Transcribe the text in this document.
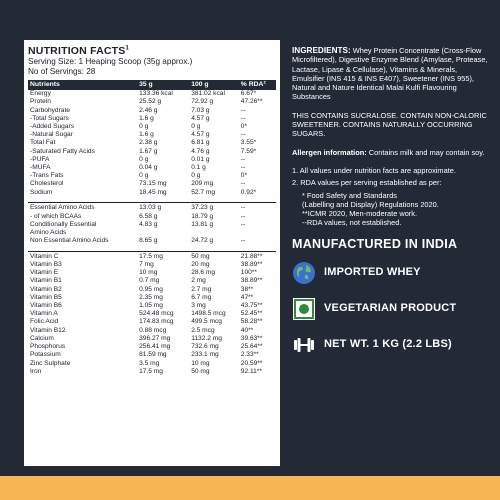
NUTRITION FACTS$^1$
Serving Size: 1 Heaping Scoop (35g approx.)
No of Servings: 28
Nutrients	35 g	100 g	% RDA²
Energy	133.36 kcal	381.02 kcal	6.67*
Protein	25.52 g	72.92 g	47.26**
Carbohydrate	2.46 g	7.03 g	--
-Total Sugars	1.6 g	4.57 g	--
-Added Sugars	0 g	0 g	0*
-Natural Sugar	1.6 g	4.57 g	--
Total Fat	2.38 g	6.81 g	3.55*
-Saturated Fatty Acids	1.67 g	4.76 g	7.59*
-PUFA	0 g	0.01 g	--
-MUFA	0.04 g	0.1 g	--
-Trans Fats	0 g	0 g	0*
Cholesterol	73.15 mg	209 mg	--
Sodium	18.45 mg	52.7 mg	0.92*

Essential Amino Acids	13.03 g	37.23 g	--
- of which BCAAs	6.58 g	18.79 g	--
Conditionally Essential	4.83 g	13.81 g	--
Amino Acids			
Non Essential Amino Acids	8.65 g	24.72 g	--

Vitamin C	17.5 mg	50 mg	21.88**
Vitamin B3	7 mg	20 mg	38.89**
Vitamin E	10 mg	28.6 mg	100**
Vitamin B1	0.7 mg	2 mg	38.89**
Vitamin B2	0.95 mg	2.7 mg	38**
Vitamin B5	2.35 mg	6.7 mg	47**
Vitamin B6	1.05 mg	3 mg	43.75**
Vitamin A	524.48 mcg	1498.5 mcg	52.45**
Folic Acid	174.83 mcg	499.5 mcg	58.28**
Vitamin B12	0.88 mcg	2.5 mcg	40**
Calcium	396.27 mg	1132.2 mg	39.63**
Phosphorus	256.41 mg	732.6 mg	25.64**
Potassium	81.59 mg	233.1 mg	2.33**
Zinc Sulphate	3.5 mg	10 mg	20.59**
Iron	17.5 mg	50 mg	92.11**
INGREDIENTS: Whey Protein Concentrate (Cross-Flow Microfiltered), Digestive Enzyme Blend (Amylase, Protease, Lactase, Lipase & Cellulase), Vitamins & Minerals, Emulsifier (INS 415 & INS E407), Sweetener (INS 955), Natural and Nature Identical Malai Kulfi Flavouring Substances
THIS CONTAINS SUCRALOSE. CONTAIN NON-CALORIC SWEETENER. CONTAINS NATURALLY OCCURRING SUGARS.
Allergen information: Contains milk and may contain soy.
1. All values under nutrition facts are approximate.
2. RDA values per serving established as per:
* Food Safety and Standards
(Labelling and Display) Regulations 2020.
**ICMR 2020, Men-moderate work.
--RDA values, not established.
MANUFACTURED IN INDIA
IMPORTED WHEY
VEGETARIAN PRODUCT
NET WT. 1 KG (2.2 LBS)
